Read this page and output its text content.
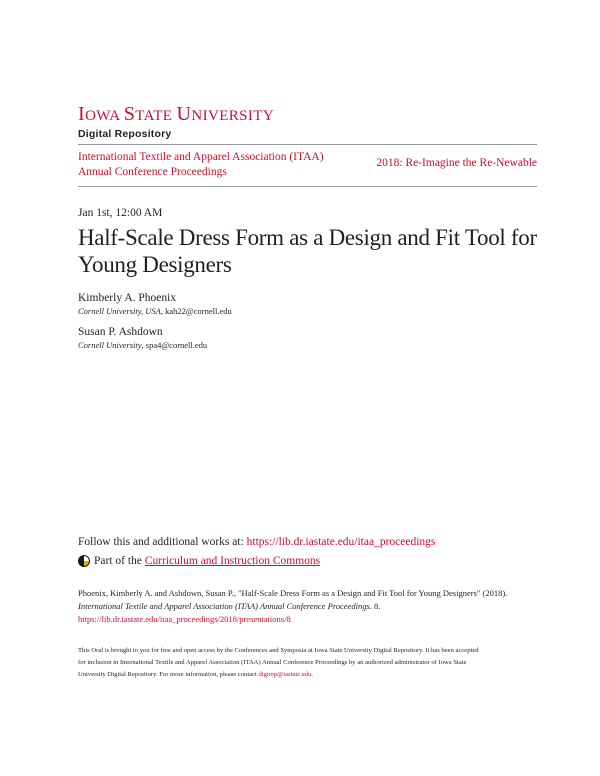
IOWA STATE UNIVERSITY
Digital Repository
International Textile and Apparel Association (ITAA) Annual Conference Proceedings
2018: Re-Imagine the Re-Newable
Jan 1st, 12:00 AM
Half-Scale Dress Form as a Design and Fit Tool for Young Designers
Kimberly A. Phoenix
Cornell University, USA, kah22@cornell.edu
Susan P. Ashdown
Cornell University, spa4@cornell.edu
Follow this and additional works at: https://lib.dr.iastate.edu/itaa_proceedings
Part of the
Curriculum and Instruction Commons
Phoenix, Kimberly A. and Ashdown, Susan P., "Half-Scale Dress Form as a Design and Fit Tool for Young Designers" (2018).
International Textile and Apparel Association (ITAA) Annual Conference Proceedings. 8.
https://lib.dr.iastate.edu/itaa_proceedings/2018/presentations/8
This Oral is brought to you for free and open access by the Conferences and Symposia at Iowa State University Digital Repository. It has been accepted
for inclusion in International Textile and Apparel Association (ITAA) Annual Conference Proceedings by an authorized administrator of Iowa State
University Digital Repository. For more information, please contact digirep@iastate.edu.
